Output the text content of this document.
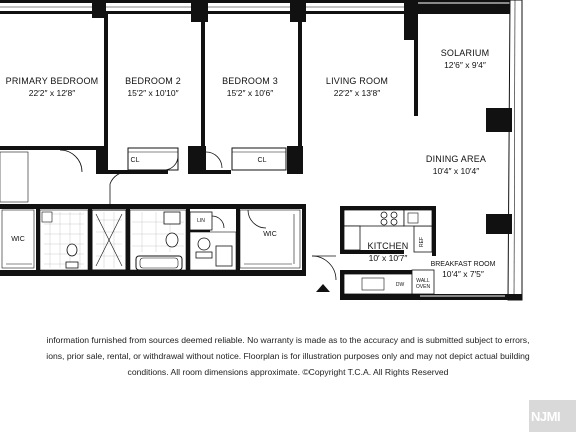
PRIMARY BEDROOM
22′2″ x 12′8″
BEDROOM 2
15′2″ x 10′10″
BEDROOM 3
15′2″ x 10′6″
LIVING ROOM
22′2″ x 13′8″
SOLARIUM
12′6″ x 9′4″
DINING AREA
10′4″ x 10′4″
KITCHEN
10′ x 10′7″
BREAKFAST ROOM
10′4″ x 7′5″
CL	CL
WIC
WIC
LIN
REF
DW
WALL
OVEN
information furnished from sources deemed reliable. No warranty is made as to the accuracy and is submitted subject to errors,
ions, prior sale, rental, or withdrawal without notice. Floorplan is for illustration purposes only and may not depict actual building
conditions. All room dimensions approximate. ©Copyright T.C.A. All Rights Reserved
NJMI
